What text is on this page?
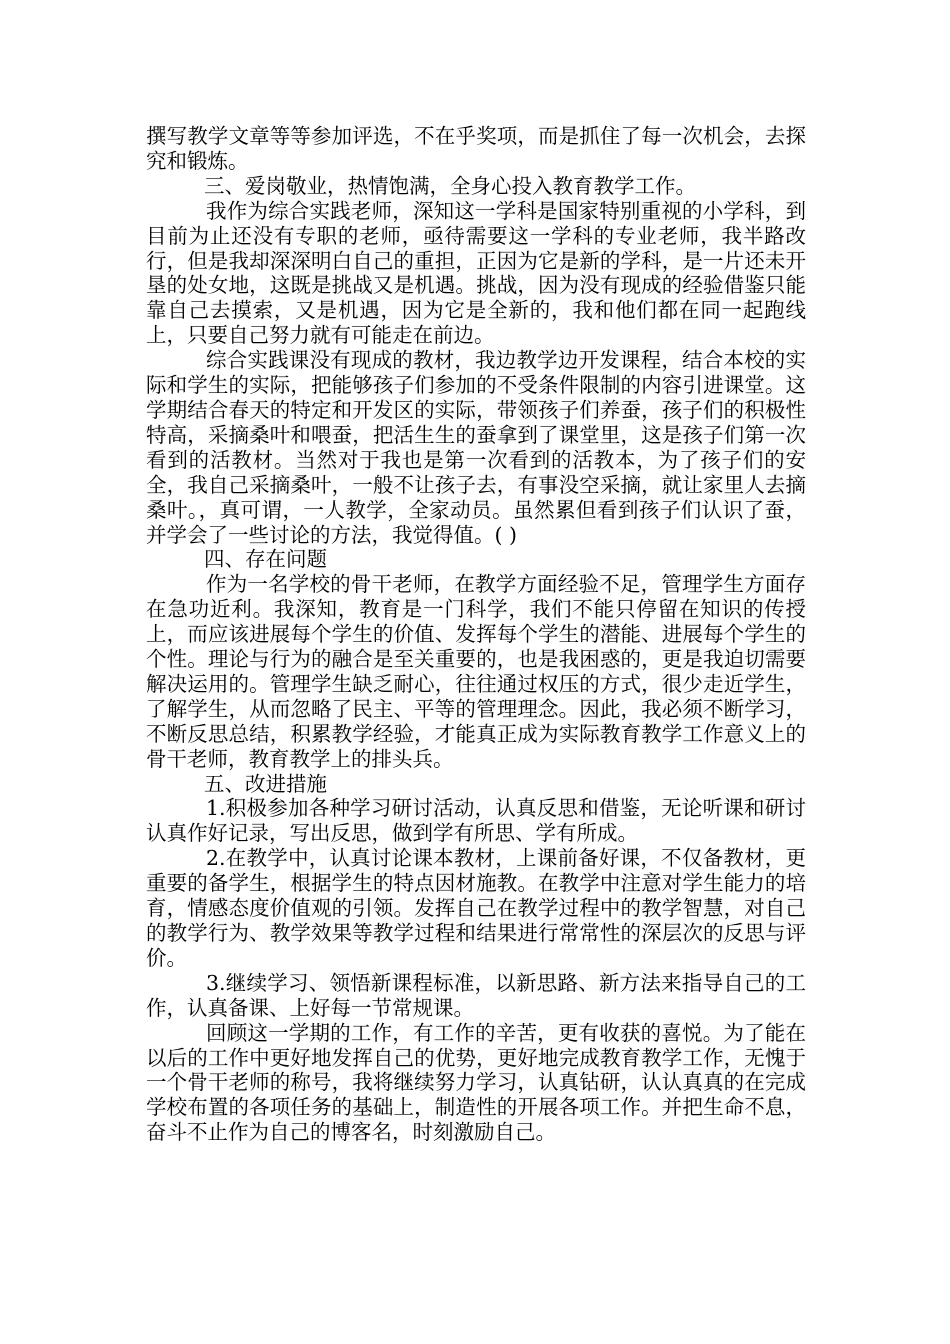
撰写教学文章等等参加评选，不在乎奖项，而是抓住了每一次机会，去探究和锻炼。

三、爱岗敬业，热情饱满，全身心投入教育教学工作。

我作为综合实践老师，深知这一学科是国家特别重视的小学科，到目前为止还没有专职的老师，亟待需要这一学科的专业老师，我半路改行，但是我却深深明白自己的重担，正因为它是新的学科，是一片还未开垦的处女地，这既是挑战又是机遇。挑战，因为没有现成的经验借鉴只能靠自己去摸索，又是机遇，因为它是全新的，我和他们都在同一起跑线上，只要自己努力就有可能走在前边。

综合实践课没有现成的教材，我边教学边开发课程，结合本校的实际和学生的实际，把能够孩子们参加的不受条件限制的内容引进课堂。这学期结合春天的特定和开发区的实际，带领孩子们养蚕，孩子们的积极性特高，采摘桑叶和喂蚕，把活生生的蚕拿到了课堂里，这是孩子们第一次看到的活教材。当然对于我也是第一次看到的活教本，为了孩子们的安全，我自己采摘桑叶，一般不让孩子去，有事没空采摘，就让家里人去摘桑叶。，真可谓，一人教学，全家动员。虽然累但看到孩子们认识了蚕，并学会了一些讨论的方法，我觉得值。( )

四、存在问题

作为一名学校的骨干老师，在教学方面经验不足，管理学生方面存在急功近利。我深知，教育是一门科学，我们不能只停留在知识的传授上，而应该进展每个学生的价值、发挥每个学生的潜能、进展每个学生的个性。理论与行为的融合是至关重要的，也是我困惑的，更是我迫切需要解决运用的。管理学生缺乏耐心，往往通过权压的方式，很少走近学生，了解学生，从而忽略了民主、平等的管理理念。因此，我必须不断学习，不断反思总结，积累教学经验，才能真正成为实际教育教学工作意义上的骨干老师，教育教学上的排头兵。

五、改进措施

1.积极参加各种学习研讨活动，认真反思和借鉴，无论听课和研讨认真作好记录，写出反思，做到学有所思、学有所成。

2.在教学中，认真讨论课本教材，上课前备好课，不仅备教材，更重要的备学生，根据学生的特点因材施教。在教学中注意对学生能力的培育，情感态度价值观的引领。发挥自己在教学过程中的教学智慧，对自己的教学行为、教学效果等教学过程和结果进行常常性的深层次的反思与评价。

3.继续学习、领悟新课程标准，以新思路、新方法来指导自己的工作，认真备课、上好每一节常规课。

回顾这一学期的工作，有工作的辛苦，更有收获的喜悦。为了能在以后的工作中更好地发挥自己的优势，更好地完成教育教学工作，无愧于一个骨干老师的称号，我将继续努力学习，认真钻研，认认真真的在完成学校布置的各项任务的基础上，制造性的开展各项工作。并把生命不息，奋斗不止作为自己的博客名，时刻激励自己。
